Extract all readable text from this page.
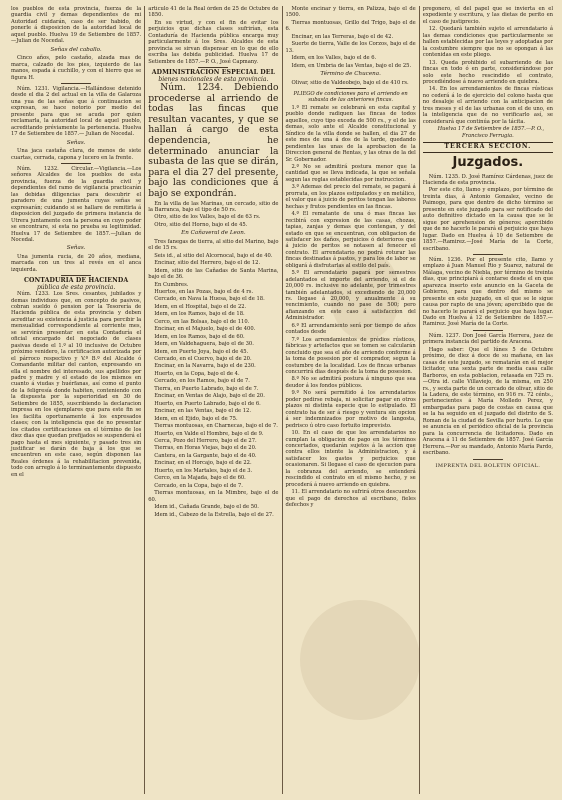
los pueblos de esta provincia, fuerza de la guardia civil y demas dependientes de mi Autoridad cuidarán, caso de ser habido, de ponerle á disposicion de la autoridad local de aquel pueblo. Huelva 19 de Setiembre de 1857.—Julian de Nocedal.

Señas del caballo.

Cinco años, pelo castaño, alzada mas de marca, calzado de los pies, izquierdo de las manos, espada á cuchillo, y con el hierro que se figura H.

Núm. 1231. Vigilancia.—Hallándose detenido desde el dia 2 del actual en la villa de Galaroza una yua de las señas que á continuacion se expresan, se hace notorio por medio del presente para que se acuda por quien reclamarla, la autoridad local de aquel pueblo, acreditando préviamente la pertenencia. Huelva 17 de Setiembre de 1857.— Julian de Nocedal.

Señas.

Una jaca castaña clara, de menos de siete cuartas, cerrada, capona y lucero en la frente.

Núm. 1232. Circular.—Vigilancia.—Los señores Alcaldes de los pueblos de esta provincia, fuerza de la guardia civil y dependientes del ramo de vigilancia practicarán las debidas diligencias para descubrir el paradero de una jumenta cuyas señas se expresarán; cuidando si se hallare de remitirla á disposicion del juzgado de primera instancia de Utrera juntamente con la persona en cuyo poder se encontrare, si esta no prueba su legitimidad. Huelva 17 de Setiembre de 1857.—Julian de Nocedal.

Señas.

Una jumenta rucia, de 20 años, mediana, marcada con un tres al revés en el anca izquierda.

CONTADURIA DE HACIENDA
pública de esta provincia.

Núm. 1233. Los Sres. cesantes, jubilados y demas individuos que, en concepto de pasivos, cobran sueldo ó pension por la Tesorería de Hacienda pública de esta provincia y deben acreditar su existencia á justicia para percibir la mensualidad correspondiente al corriente mes, se servirán presentar en esta Contaduría el oficial encargado del negociado de clases pasivas desde el 1.º al 10 inclusive de Octubre próximo venidero, la certificacion autorizada por el párroco respectivo y V.º B.º del Alcalde ó Comandante militar del canton, expresando en ella el nombre del interesado, sus apellidos por padre y madre y el estado de los mismos en cuanto á viudas y huérfanas, así como el punto de la feligresía donde habiten, conteniendo con la dispuesta por la superioridad en 30 de Setiembre de 1855, suscribiendo la declaracion impresa en los ejemplares que para este fin se les facilita oportunamente á los expresados clases; con la inteligencia que de no presentar los citados certificaciones en el término de los diez dias que quedan prefijados se suspenderá el pago hasta el mes siguiente, y pasado tres sin justificar se darán de baja á los que se encuentren en este caso, según disponen las Reales órdenes á la rehabilitacion prevenida, todo con arreglo á lo terminantemente dispuesto en el

artículo 41 de la Real órden de 25 de Octubre de 1850.

En su virtud, y con el fin de evitar los perjuicios que dichas clases sufrirían, esta Contaduría de Hacienda pública encarga muy particularmente á los Sres. Alcaldes de esta provincia se sirvan dispensar en lo que de ello escriba las debida publicidad. Huelva 17 de Setiembre de 1857.—P. O., José Capmany.

ADMINISTRACION ESPECIAL DEL
bienes nacionales de esta provincia.

Núm. 1234. Debiendo procederse al arriendo de todas las fincas que resultan vacantes, y que se hallan á cargo de esta dependencia, he determinado anunciar la subasta de las que se dirán, para el dia 27 del presente, bajo las condiciones que á bajo se expondrán.

En la villa de las Marinas, un cercado, sitio de la Barranca, bajo el tipo de 50 rs.

Otro, sitio de los Valles, bajo el de 63 rs.

Otro, sitio del Horno, bajo el de 45.

En Cañaveral de Leon.

Tres fanegas de tierra, al sitio del Marino, bajo el de 15 rs.

Seis id., al sitio del Alcornocal, bajo el de 40.

Encinar, sitio del Herrero, bajo el de 12.

Idem, sitio de las Cañadas de Santa Marina, bajo el de 36.

En Cumbres.

Huertos, en las Pozas, bajo el de 4 rs.

Cercado, en Nava la Huesa, bajo el de 18.

Idem, en el Hospital, bajo el de 22.

Idem, en los Ramos, bajo el de 18.

Cerco, en las Bolsas, bajo el de 110.

Encinar, en el Majuelo, bajo el de 400.

Idem, en los Ramos, bajo el de 60.

Idem, en Valdehaguera, bajo el de 30.

Idem, en Puerto Joya, bajo el de 45.

Cercado, en el Cuervo, bajo el de 20.

Encinar, en la Navarra, bajo el de 230.

Huerto, en la Copa, bajo el de 4.

Cercado, en los Ramos, bajo el de 7.

Tierra, en Puerto Labrado, bajo el de 7.

Encinar, en Ventas de Alajo, bajo el de 20.

Huerto, en Puerto Labrado, bajo el de 6.

Encinar, en las Ventas, bajo el de 12.

Idem, en el Ejido, bajo el de 75.

Tierras montuosas, en Charnecas, bajo el de 7.

Huerto, en Valde el Hombre, bajo el de 9.

Cerca, Pozo del Herrero, bajo el de 27.

Tierras, en Horas Viejas, bajo el de 20.

Cantera, en la Gargante, bajo el de 40.

Encinar, en el Horcajo, bajo el de 22.

Huerto, en los Martales, bajo el de 3.

Cerco, en la Majada, bajo el de 60.

Cercado, en la Copa, bajo el de 7.

Tierras montuosas, en la Mimbre, bajo el de 60.

Idem id., Cañada Grande, bajo el de 50.

Idem id., Cabezo de la Estrella, bajo el de 27.

Monte encinar y tierra, en Palizza, bajo el de 1500.

Tierras montuosas, Grillo del Trigo, bajo el de 6.

Encinar, en las Terreras, bajo el de 42.

Suerte de tierra, Valle de los Corzos, bajo el de 13.

Idem, en los Valles, bajo el de 6.

Idem, en Umbria de las Ventas, bajo el de 25.

Término de Chucena.

Olivar, sitio de Valdeobejo, bajo el de 410 rs.

PLIEGO de condiciones para el arriendo en subasta de las anteriores fincas.

1.º El remate se celebrará en esta capital y pueblo donde radiquen las fincas de todos aquellos, cuyo tipo exceda de 500 rs., y el de las demas, solo ante el Alcalde constitucional y Síndico de la villa donde se hallen, el dia 27 de este mes de una á dos de la tarde, quedando pendientes las unas de la aprobacion de la Direccion general de Rentas, y las otras de la del Sr. Gobernador.

2.º No se admitirá postura menor que la cantidad que se lleva indicada, la que se señala segun las reglas establecidas por instruccion.

3.º Ademas del precio del remate, se pagará á prorrata, en los plazos estipulados y en metálico, el valor que á juicio de peritos tengan las labores hechas y frutos pendientes en las fincas.

4.º El rematante de una ó mas fincas las recibirá con expresion de las casas, chozas, tapias, zanjas y demas que contengan, y del estado en que se encuentran, con obligacion de satisfacer los daños, perjuicios ó deterioros que á juicio de peritos se notasen al fenecer el contrato. El arrendatario no podrá roturar las fincas destinadas á pastos, y para los de labor se obligará á disfrutarlas al estilo del país.

5.º El arrendatario pagará por semestres adelantados el importe del arriendo, si el de 20,000 rs. inclusive no adelante, por trimestres también adelantados, si excediendo de 20,000 rs. llegase á 20,000, y anualmente á su vencimiento, cuando no pase de 500; pero afianzando en este caso á satisfaccion del Administrador.

6.º El arrendamiento será por tiempo de años contados desde

7.º Los arrendamientos de prédios rústicos, fábricas y artefactos que se tomen se calcularán concluido que sea el año de arriendo conforme á la toma de posesion por el comprador, segun la costumbre de la localidad. Los de fincas urbanas concurrirá dias después de la toma de posesion.

8.º No se admitirá postura á ninguno que sea deudor á los fondos públicos.

9.º No será permitido á los arrendatarios poder pedirse rebaja, ni solicitar pagar en otros plazos ni distinta especie que lo estipulado. El contrato ha de ser á riesgo y ventura sin opcion á ser indemnizados por motivo de langosta, pedrisco ú otro caso fortuito imprevisto.

10. En el caso de que los arrendatarios no cumplan la obligacion de pago en los términos concertados, quedarán sujetos á la accion que contra ellos intente la Administracion, y á satisfacer los gastos y perjuicios que ocasionaren. Si llegase el caso de ejecucion para la cobranza del arriendo, se entenderá rescindido el contrato en el mismo hecho, y se procederá á nuevo arriendo en quiebra.

11. El arrendatario no sufrirá otros descuentos que el pago de derechos al escribano, fieles defechos y

pregonero, el del papel que se invierta en el expediente y escritura, y las dietas de perito en el caso de justiprecio.

12. Quedará también sujeto el arrendatario á las demas condiciones que particularmente se hallen establecidas por las leyes y adoptadas por la costumbre siempre que no se opongan á las contenidas en este pliego.

13. Queda prohibido el subarriendo de las fincas en todo ó en parte, considerándose por solo este hecho rescindido el contrato, procediéndose á nuevo arriendo en quiebra.

14. En los arrendamientos de fincas rústicas no cederá á lo de ejercicio del colono hasta que no desaloje el arriendo con la anticipacion de tres meses y el de las urbanas con el de uno, en la inteligencia que de no verificarlo así, se considerará que continúa por la tácita.

Huelva 17 de Setiembre de 1857.—P. O., Francisco Ferrugia.

TERCERA SECCION.
Juzgados.

Núm. 1235. D. José Ramírez Cárdenas, juez de Hacienda de esta provincia.

Por este cito, llamo y emplazo, por término de treinta dias, á Antonio Gonzalez, vecino de Paimogo, para que dentro de dicho término se presente en este juzgado para ser notificado del auto definitivo dictado en la causa que se le sigue por aprehension de géneros; apercibido que de no hacerlo le parará el perjuicio que haya lugar. Dado en Huelva á 10 de Setiembre de 1857.—Ramirez.—José María de la Corte, escribano.

Núm. 1236. Por el presente cito, llamo y emplazo á Juan Manuel Rio y Suarez, natural de Málaga, vecino de Niebla, por término de treinta dias, que principiará á contarse desde el en que aparezca inserto este anuncio en la Gaceta de Gobierno, para que dentro del mismo se presente en este juzgado, en el que se le sigue causa por rapto de una jóven; apercibido que de no hacerlo le parará el perjuicio que haya lugar. Dado en Huelva á 12 de Setiembre de 1857.—Ramirez. José María de la Corte.

Núm. 1237. Don José García Herrera, juez de primera instancia del partido de Aracena.

Hago saber: Que el lúnes 5 de Octubre próximo, de diez á doce de su mañana, en las casas de este juzgado, se rematarán en el mejor licitador, una sexta parte de media casa calle Barboros, en esta poblacion, retasada en 725 rs.—Otra id. calle Villaviejo, de la misma, en 250 rs., y sexta parte de un cercado de olivar, sitio de la Ladera, de este término, en 916 rs. 72 cénts., pertenecientes á María Molledo Perez, y embargadas para pago de costas en causa que se la ha seguido en el juzgado del distrito de S. Roman de la ciudad de Sevilla por hurto. Lo que se anuncia en el periódico oficial de la provincia para la concurrencia de licitadores. Dado en Aracena á 11 de Setiembre de 1857. José García Herrera.—Por su mandado, Antonio María Pardo, escribano.

IMPRENTA DEL BOLETIN OFICIAL.
